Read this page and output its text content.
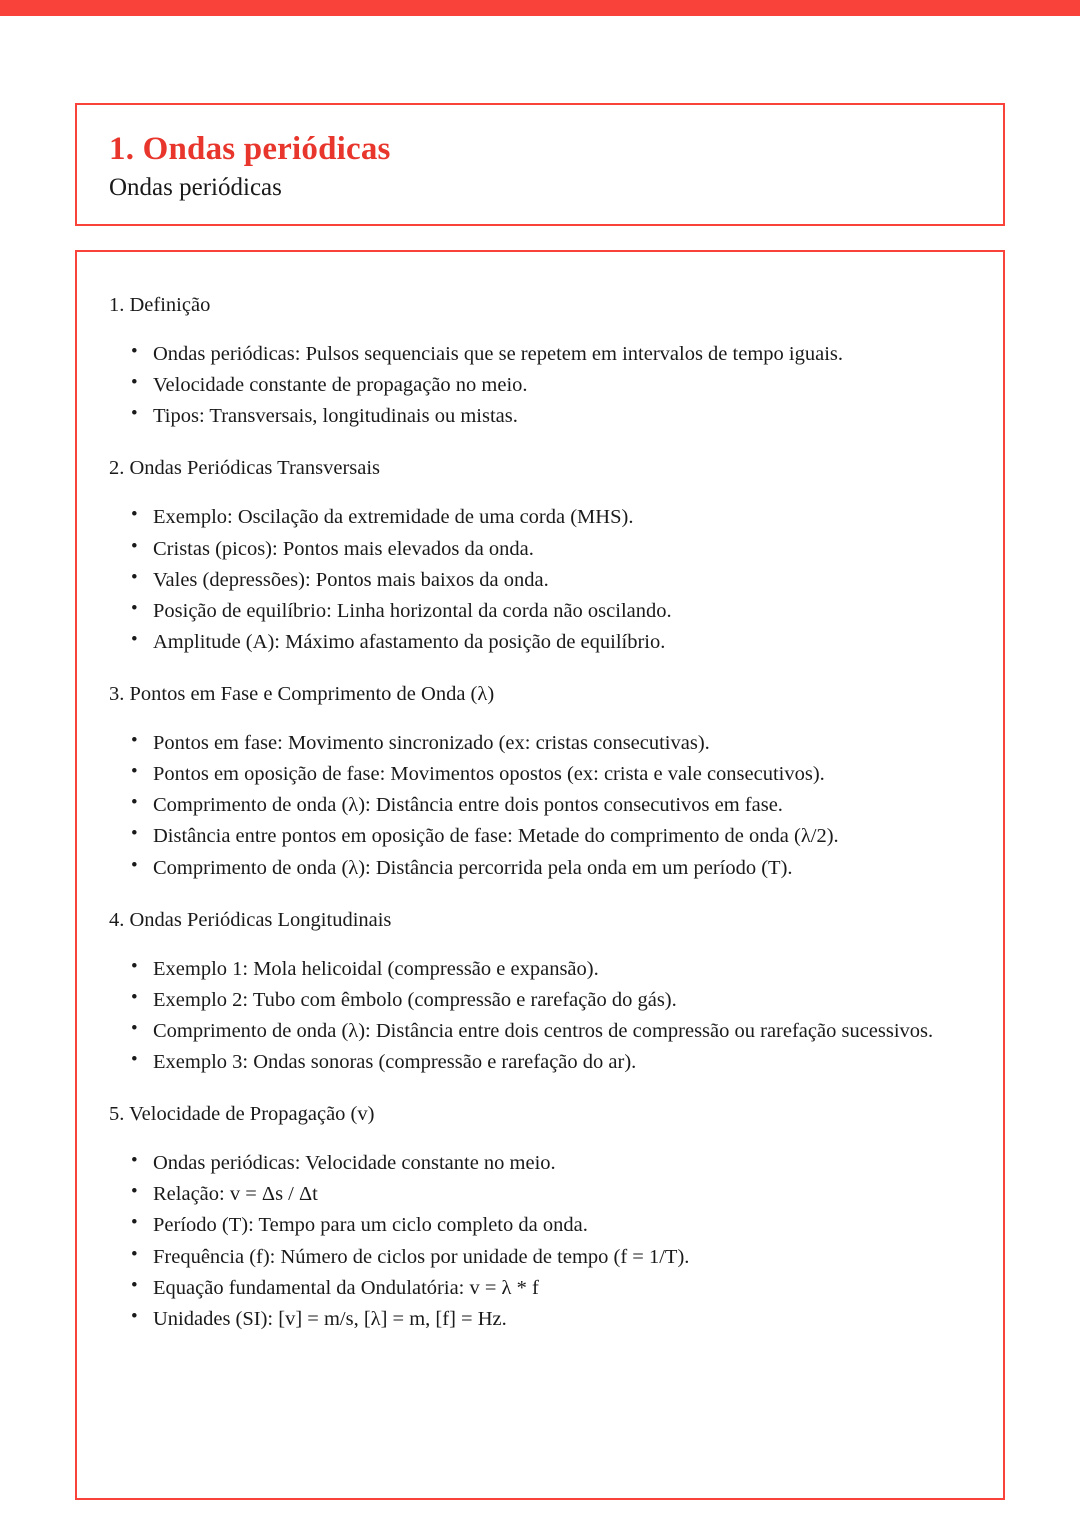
1. Ondas periódicas

Ondas periódicas

1. Definição

• Ondas periódicas: Pulsos sequenciais que se repetem em intervalos de tempo iguais.
• Velocidade constante de propagação no meio.
• Tipos: Transversais, longitudinais ou mistas.

2. Ondas Periódicas Transversais

• Exemplo: Oscilação da extremidade de uma corda (MHS).
• Cristas (picos): Pontos mais elevados da onda.
• Vales (depressões): Pontos mais baixos da onda.
• Posição de equilíbrio: Linha horizontal da corda não oscilando.
• Amplitude (A): Máximo afastamento da posição de equilíbrio.

3. Pontos em Fase e Comprimento de Onda (λ)

• Pontos em fase: Movimento sincronizado (ex: cristas consecutivas).
• Pontos em oposição de fase: Movimentos opostos (ex: crista e vale consecutivos).
• Comprimento de onda (λ): Distância entre dois pontos consecutivos em fase.
• Distância entre pontos em oposição de fase: Metade do comprimento de onda (λ/2).
• Comprimento de onda (λ): Distância percorrida pela onda em um período (T).

4. Ondas Periódicas Longitudinais

• Exemplo 1: Mola helicoidal (compressão e expansão).
• Exemplo 2: Tubo com êmbolo (compressão e rarefação do gás).
• Comprimento de onda (λ): Distância entre dois centros de compressão ou rarefação sucessivos.
• Exemplo 3: Ondas sonoras (compressão e rarefação do ar).

5. Velocidade de Propagação (v)

• Ondas periódicas: Velocidade constante no meio.
• Relação: v = Δs / Δt
• Período (T): Tempo para um ciclo completo da onda.
• Frequência (f): Número de ciclos por unidade de tempo (f = 1/T).
• Equação fundamental da Ondulatória: v = λ * f
• Unidades (SI): [v] = m/s, [λ] = m, [f] = Hz.
